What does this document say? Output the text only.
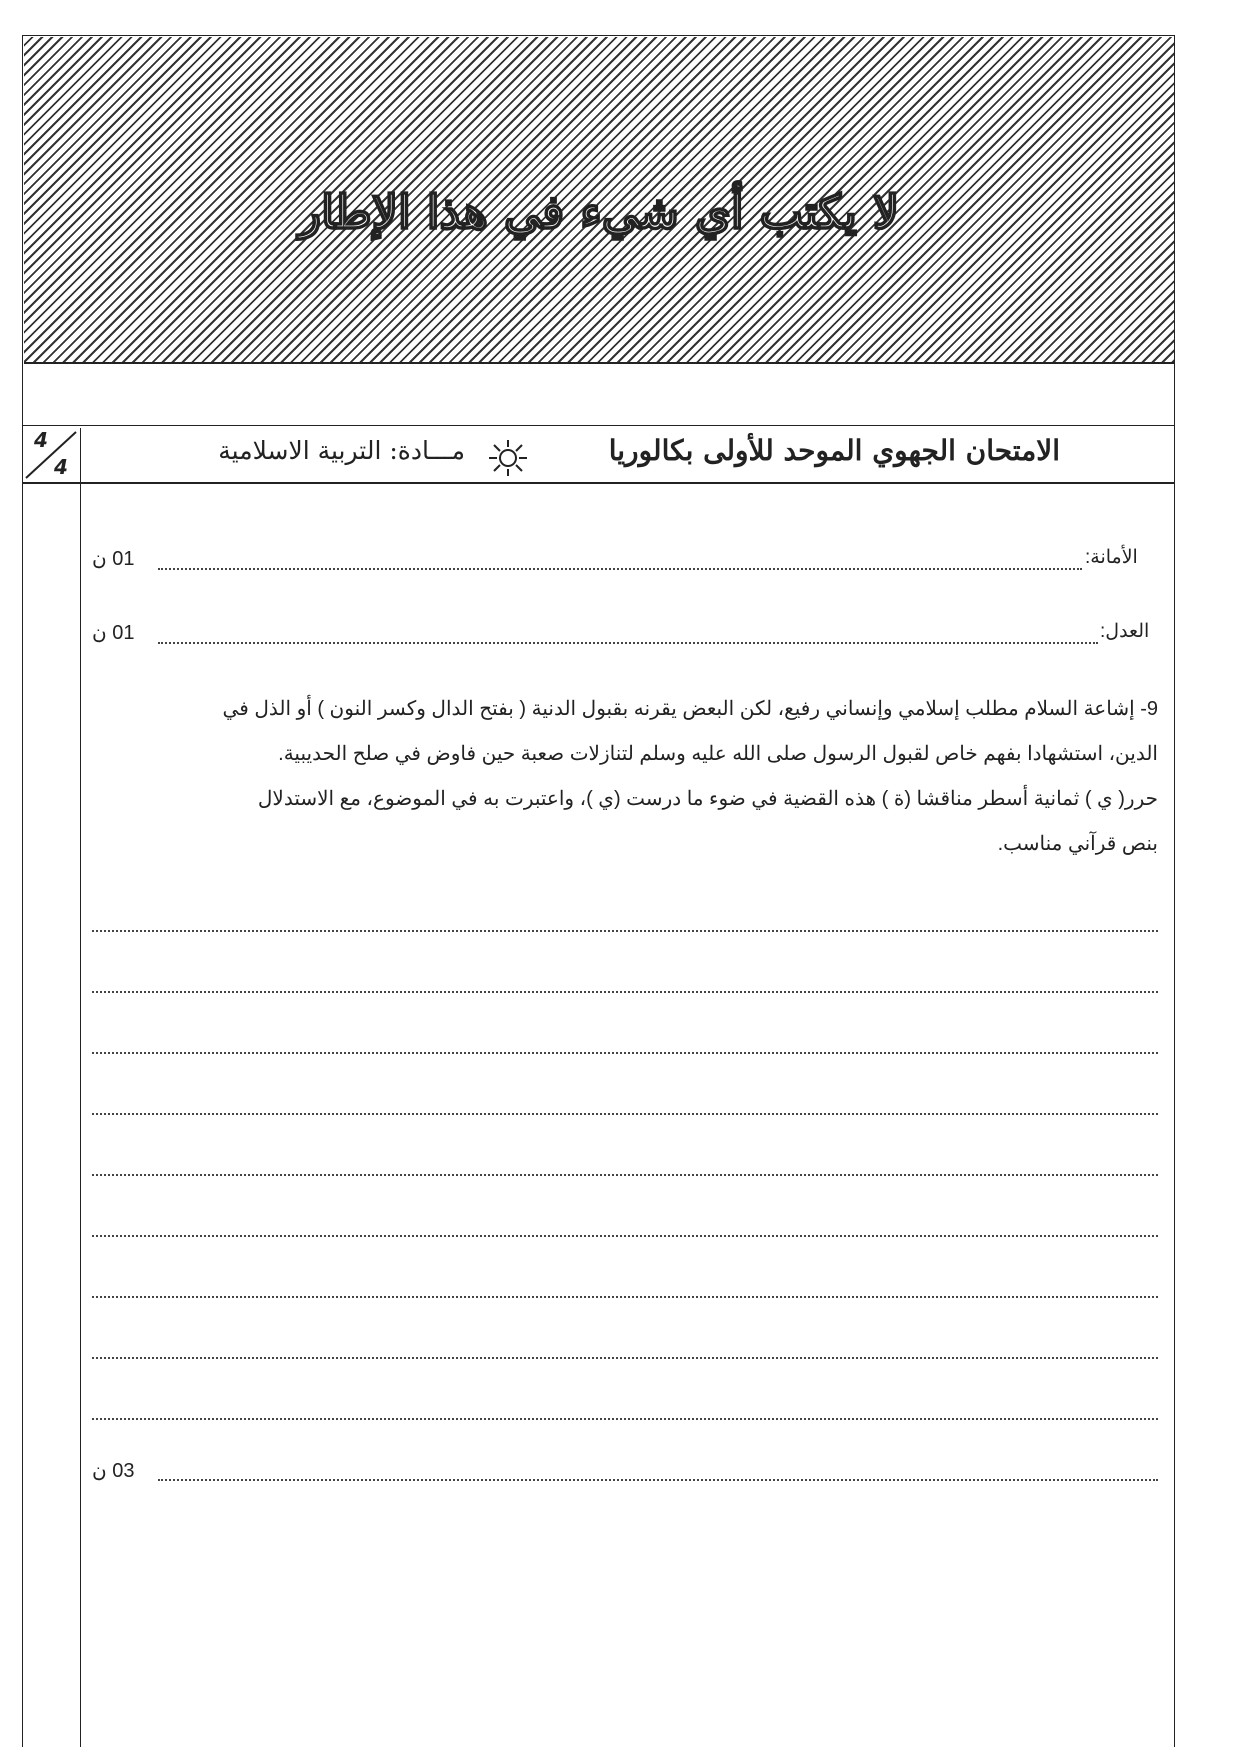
لا يكتب أي شيء في هذا الإطار
4
4	الامتحان الجهوي الموحد للأولى بكالوريا
مـــادة: التربية الاسلامية
الأمانة:
01 ن
العدل:
01 ن
9- إشاعة السلام مطلب إسلامي وإنساني رفيع، لكن البعض يقرنه بقبول الدنية ( بفتح الدال وكسر النون ) أو الذل في
الدين، استشهادا بفهم خاص لقبول الرسول صلى الله عليه وسلم لتنازلات صعبة حين فاوض في صلح الحديبية.
حرر( ي ) ثمانية أسطر مناقشا (ة ) هذه القضية في ضوء ما درست (ي )، واعتبرت به في الموضوع، مع الاستدلال
بنص قرآني مناسب.
03 ن
